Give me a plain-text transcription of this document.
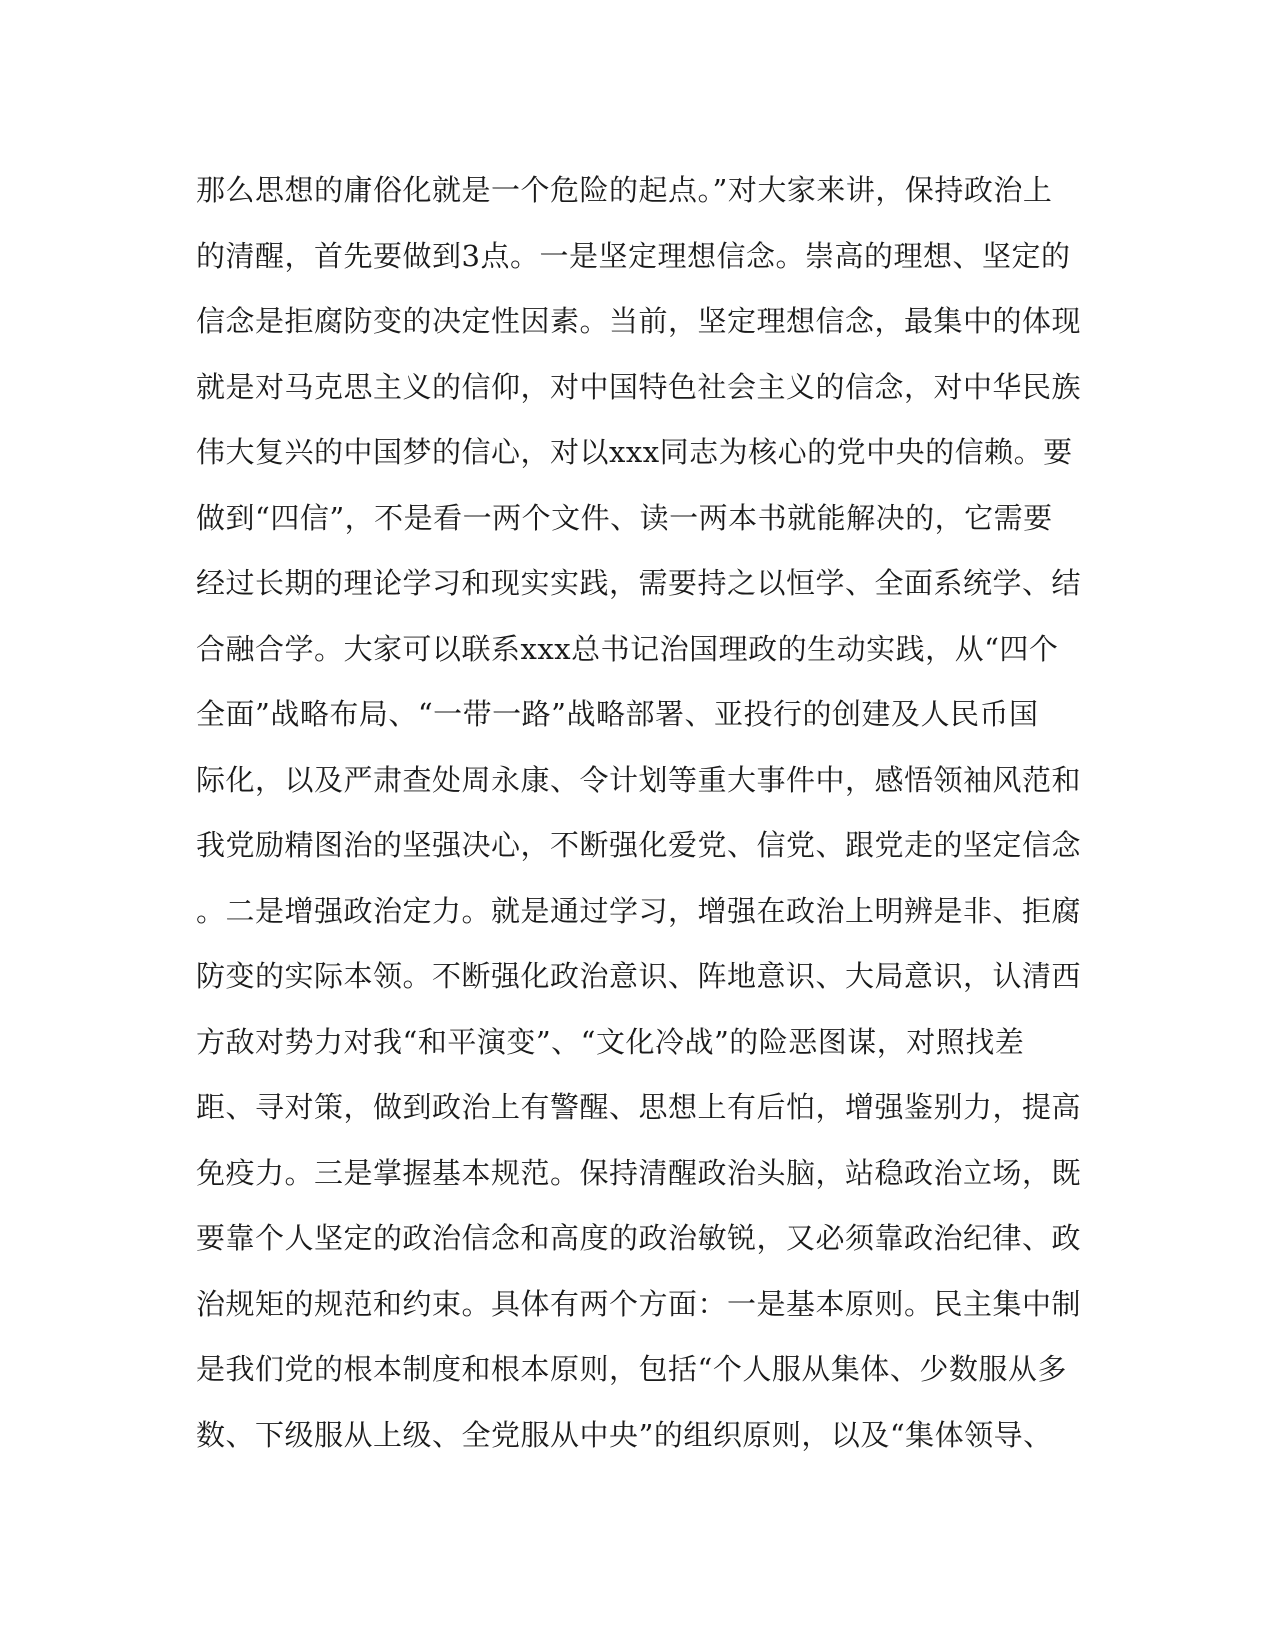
那么思想的庸俗化就是一个危险的起点。”对大家来讲，保持政治上
的清醒，首先要做到3点。一是坚定理想信念。崇高的理想、坚定的
信念是拒腐防变的决定性因素。当前，坚定理想信念，最集中的体现
就是对马克思主义的信仰，对中国特色社会主义的信念，对中华民族
伟大复兴的中国梦的信心，对以xxx同志为核心的党中央的信赖。要
做到“四信”，不是看一两个文件、读一两本书就能解决的，它需要
经过长期的理论学习和现实实践，需要持之以恒学、全面系统学、结
合融合学。大家可以联系xxx总书记治国理政的生动实践，从“四个
全面”战略布局、“一带一路”战略部署、亚投行的创建及人民币国
际化，以及严肃查处周永康、令计划等重大事件中，感悟领袖风范和
我党励精图治的坚强决心，不断强化爱党、信党、跟党走的坚定信念
。二是增强政治定力。就是通过学习，增强在政治上明辨是非、拒腐
防变的实际本领。不断强化政治意识、阵地意识、大局意识，认清西
方敌对势力对我“和平演变”、“文化冷战”的险恶图谋，对照找差
距、寻对策，做到政治上有警醒、思想上有后怕，增强鉴别力，提高
免疫力。三是掌握基本规范。保持清醒政治头脑，站稳政治立场，既
要靠个人坚定的政治信念和高度的政治敏锐，又必须靠政治纪律、政
治规矩的规范和约束。具体有两个方面：一是基本原则。民主集中制
是我们党的根本制度和根本原则，包括“个人服从集体、少数服从多
数、下级服从上级、全党服从中央”的组织原则，以及“集体领导、
